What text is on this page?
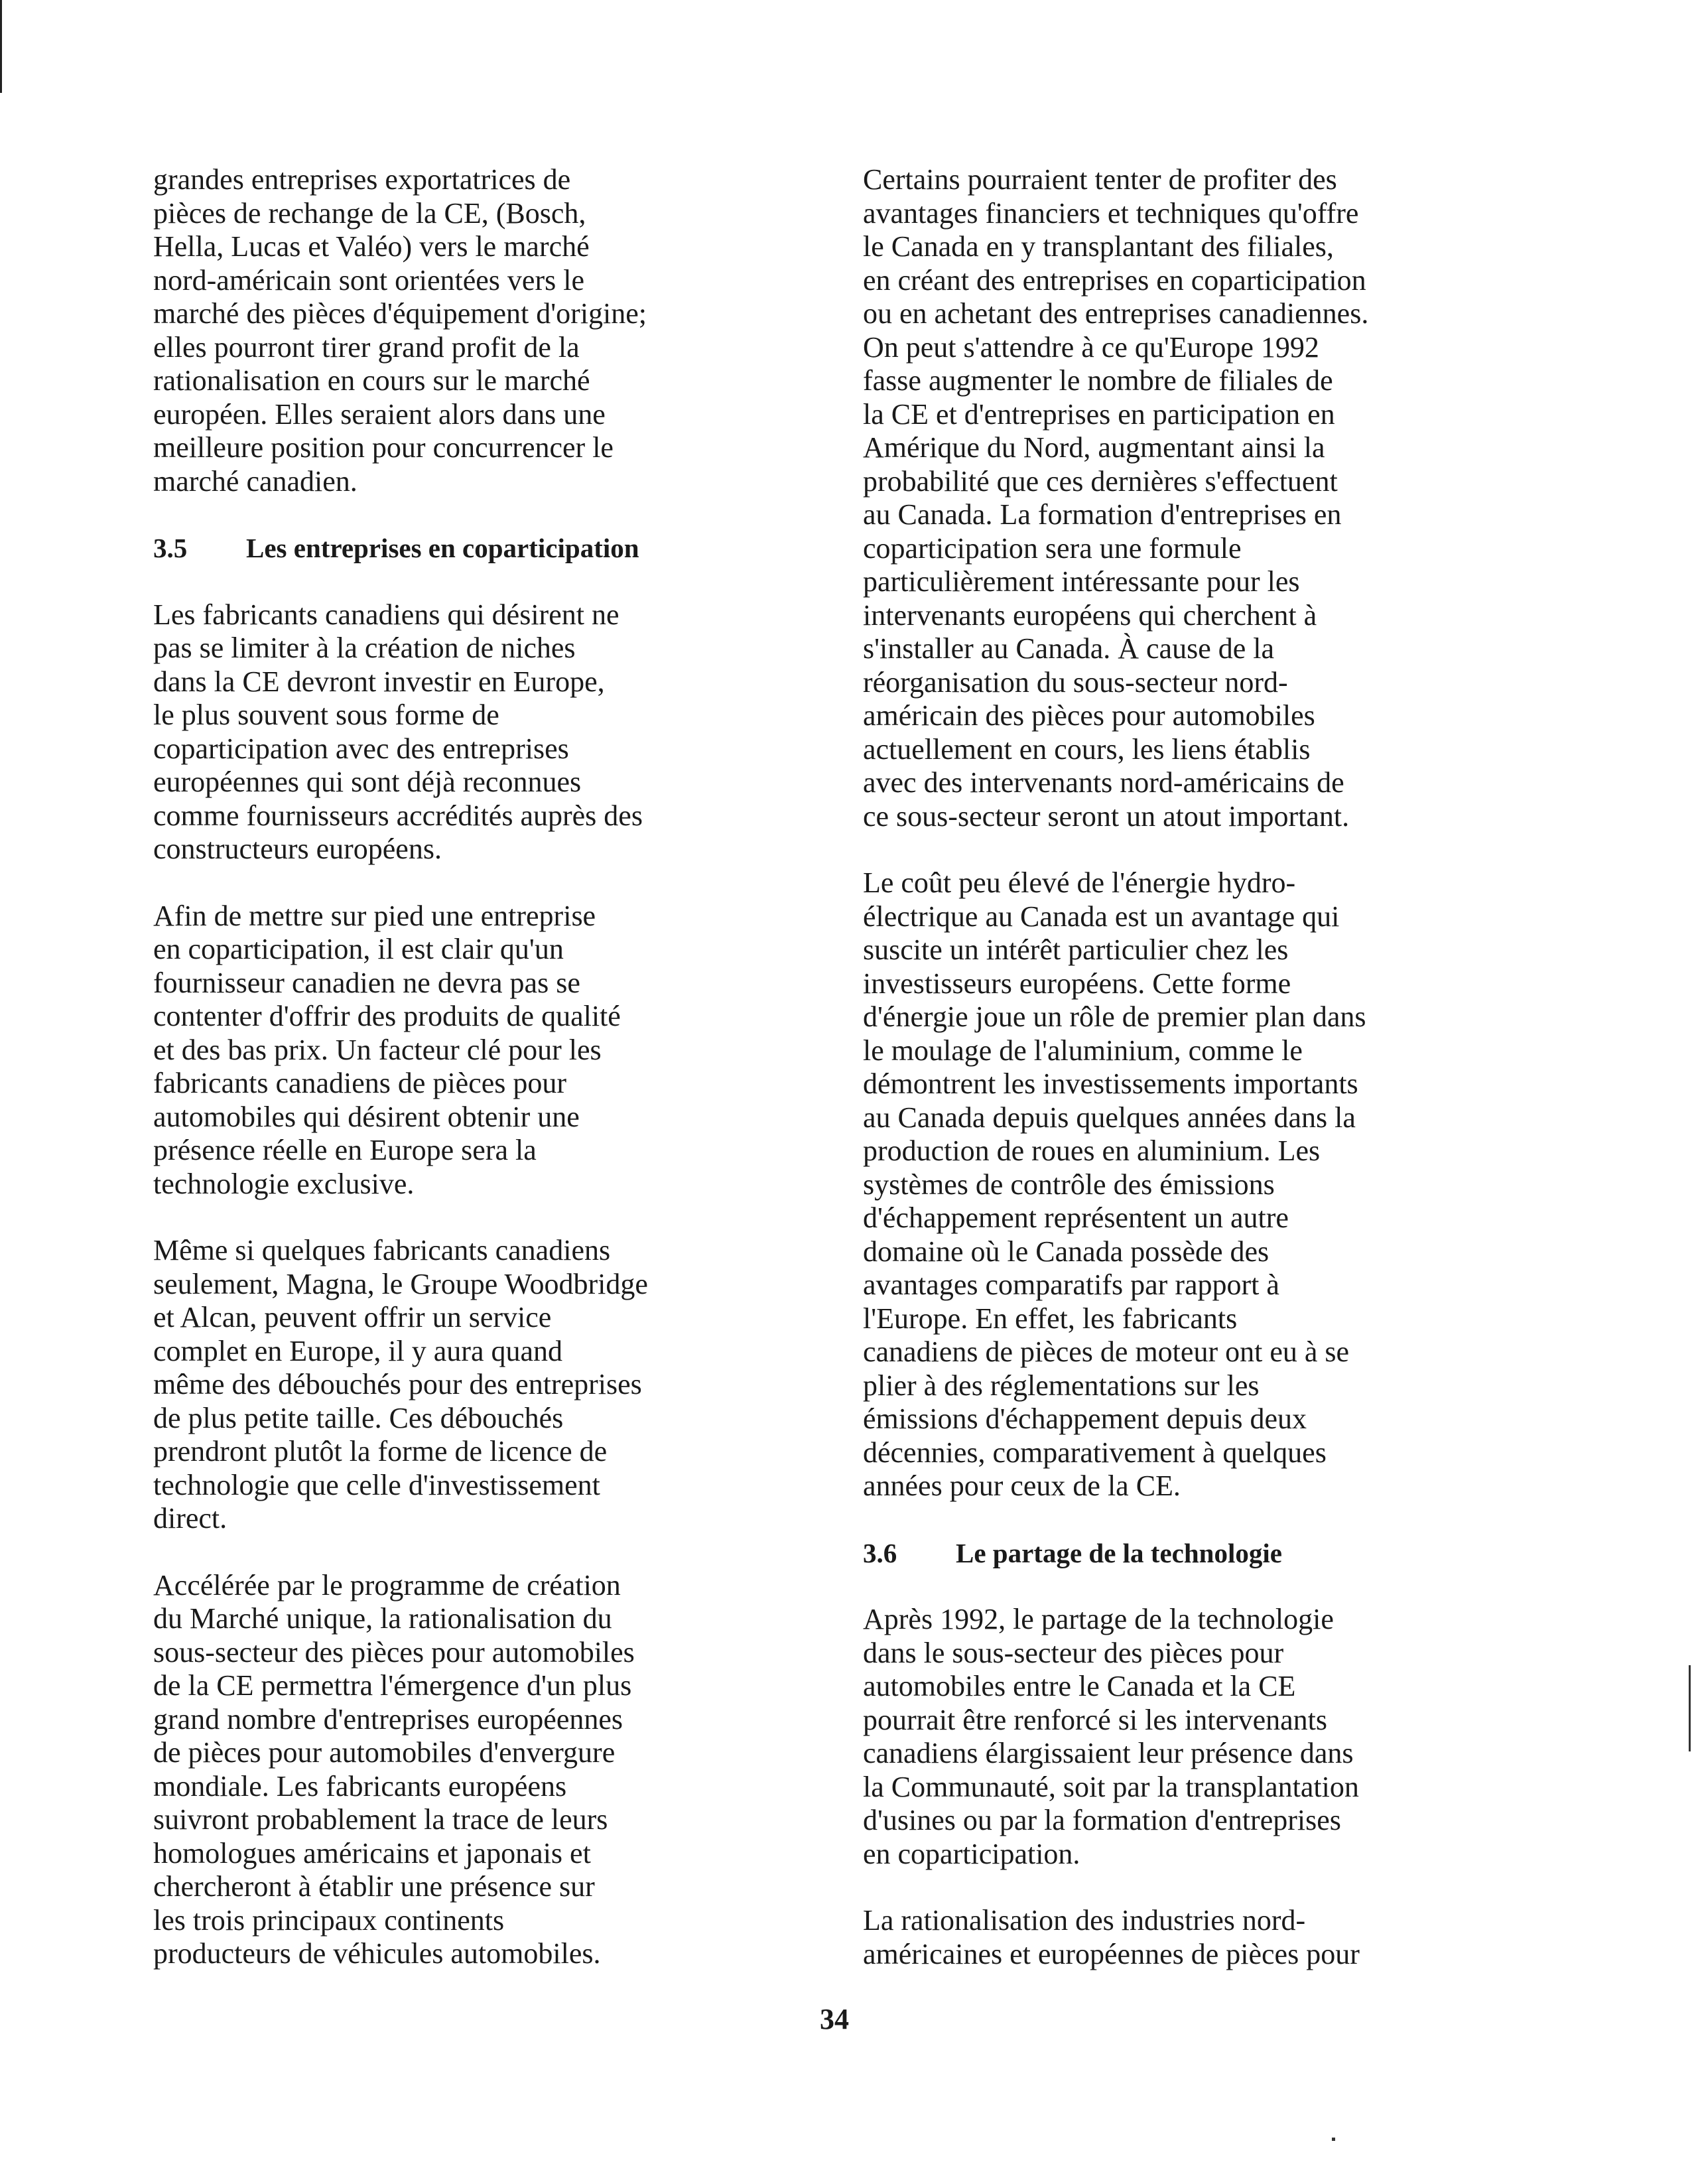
grandes entreprises exportatrices de
pièces de rechange de la CE, (Bosch,
Hella, Lucas et Valéo) vers le marché
nord-américain sont orientées vers le
marché des pièces d'équipement d'origine;
elles pourront tirer grand profit de la
rationalisation en cours sur le marché
européen. Elles seraient alors dans une
meilleure position pour concurrencer le
marché canadien.
3.5	Les entreprises en coparticipation
Les fabricants canadiens qui désirent ne
pas se limiter à la création de niches
dans la CE devront investir en Europe,
le plus souvent sous forme de
coparticipation avec des entreprises
européennes qui sont déjà reconnues
comme fournisseurs accrédités auprès des
constructeurs européens.
Afin de mettre sur pied une entreprise
en coparticipation, il est clair qu'un
fournisseur canadien ne devra pas se
contenter d'offrir des produits de qualité
et des bas prix. Un facteur clé pour les
fabricants canadiens de pièces pour
automobiles qui désirent obtenir une
présence réelle en Europe sera la
technologie exclusive.
Même si quelques fabricants canadiens
seulement, Magna, le Groupe Woodbridge
et Alcan, peuvent offrir un service
complet en Europe, il y aura quand
même des débouchés pour des entreprises
de plus petite taille. Ces débouchés
prendront plutôt la forme de licence de
technologie que celle d'investissement
direct.
Accélérée par le programme de création
du Marché unique, la rationalisation du
sous-secteur des pièces pour automobiles
de la CE permettra l'émergence d'un plus
grand nombre d'entreprises européennes
de pièces pour automobiles d'envergure
mondiale. Les fabricants européens
suivront probablement la trace de leurs
homologues américains et japonais et
chercheront à établir une présence sur
les trois principaux continents
producteurs de véhicules automobiles.
Certains pourraient tenter de profiter des
avantages financiers et techniques qu'offre
le Canada en y transplantant des filiales,
en créant des entreprises en coparticipation
ou en achetant des entreprises canadiennes.
On peut s'attendre à ce qu'Europe 1992
fasse augmenter le nombre de filiales de
la CE et d'entreprises en participation en
Amérique du Nord, augmentant ainsi la
probabilité que ces dernières s'effectuent
au Canada. La formation d'entreprises en
coparticipation sera une formule
particulièrement intéressante pour les
intervenants européens qui cherchent à
s'installer au Canada. À cause de la
réorganisation du sous-secteur nord-
américain des pièces pour automobiles
actuellement en cours, les liens établis
avec des intervenants nord-américains de
ce sous-secteur seront un atout important.
Le coût peu élevé de l'énergie hydro-
électrique au Canada est un avantage qui
suscite un intérêt particulier chez les
investisseurs européens. Cette forme
d'énergie joue un rôle de premier plan dans
le moulage de l'aluminium, comme le
démontrent les investissements importants
au Canada depuis quelques années dans la
production de roues en aluminium. Les
systèmes de contrôle des émissions
d'échappement représentent un autre
domaine où le Canada possède des
avantages comparatifs par rapport à
l'Europe. En effet, les fabricants
canadiens de pièces de moteur ont eu à se
plier à des réglementations sur les
émissions d'échappement depuis deux
décennies, comparativement à quelques
années pour ceux de la CE.
3.6	Le partage de la technologie
Après 1992, le partage de la technologie
dans le sous-secteur des pièces pour
automobiles entre le Canada et la CE
pourrait être renforcé si les intervenants
canadiens élargissaient leur présence dans
la Communauté, soit par la transplantation
d'usines ou par la formation d'entreprises
en coparticipation.
La rationalisation des industries nord-
américaines et européennes de pièces pour
34
